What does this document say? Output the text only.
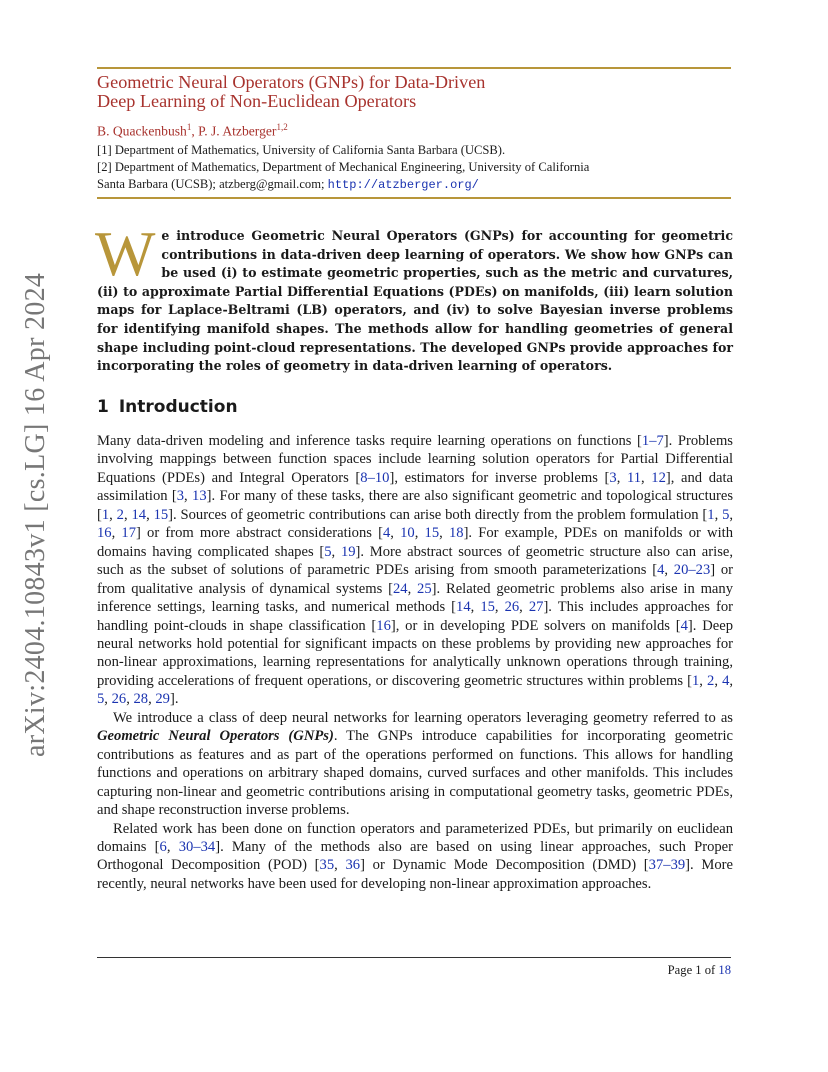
Geometric Neural Operators (GNPs) for Data-Driven
Deep Learning of Non-Euclidean Operators
B. Quackenbush$^1$, P. J. Atzberger$^{1,2}$
[1] Department of Mathematics, University of California Santa Barbara (UCSB).
[2] Department of Mathematics, Department of Mechanical Engineering, University of California
Santa Barbara (UCSB); atzberg@gmail.com; http://atzberger.org/
arXiv:2404.10843v1 [cs.LG] 16 Apr 2024
We introduce Geometric Neural Operators (GNPs) for accounting for geometric contributions in data-driven deep learning of operators. We show how GNPs can be used (i) to estimate geometric properties, such as the metric and curvatures, (ii) to approximate Partial Differential Equations (PDEs) on manifolds, (iii) learn solution maps for Laplace-Beltrami (LB) operators, and (iv) to solve Bayesian inverse problems for identifying manifold shapes. The methods allow for handling geometries of general shape including point-cloud representations. The developed GNPs provide approaches for incorporating the roles of geometry in data-driven learning of operators.
1 Introduction

Many data-driven modeling and inference tasks require learning operations on functions [1–7]. Problems involving mappings between function spaces include learning solution operators for Partial Differential Equations (PDEs) and Integral Operators [8–10], estimators for inverse problems [3, 11, 12], and data assimilation [3, 13]. For many of these tasks, there are also significant geometric and topological structures [1, 2, 14, 15]. Sources of geometric contributions can arise both directly from the problem formulation [1, 5, 16, 17] or from more abstract considerations [4, 10, 15, 18]. For example, PDEs on manifolds or with domains having complicated shapes [5, 19]. More abstract sources of geometric structure also can arise, such as the subset of solutions of parametric PDEs arising from smooth parameterizations [4, 20–23] or from qualitative analysis of dynamical systems [24, 25]. Related geometric problems also arise in many inference settings, learning tasks, and numerical methods [14, 15, 26, 27]. This includes approaches for handling point-clouds in shape classification [16], or in developing PDE solvers on manifolds [4]. Deep neural networks hold potential for significant impacts on these problems by providing new approaches for non-linear approximations, learning representations for analytically unknown operations through training, providing accelerations of frequent operations, or discovering geometric structures within problems [1, 2, 4, 5, 26, 28, 29].

We introduce a class of deep neural networks for learning operators leveraging geometry referred to as Geometric Neural Operators (GNPs). The GNPs introduce capabilities for incorporating geometric contributions as features and as part of the operations performed on functions. This allows for handling functions and operations on arbitrary shaped domains, curved surfaces and other manifolds. This includes capturing non-linear and geometric contributions arising in computational geometry tasks, geometric PDEs, and shape reconstruction inverse problems.

Related work has been done on function operators and parameterized PDEs, but primarily on euclidean domains [6, 30–34]. Many of the methods also are based on using linear approaches, such Proper Orthogonal Decomposition (POD) [35, 36] or Dynamic Mode Decomposition (DMD) [37–39]. More recently, neural networks have been used for developing non-linear approximation approaches.

Page 1 of 18
